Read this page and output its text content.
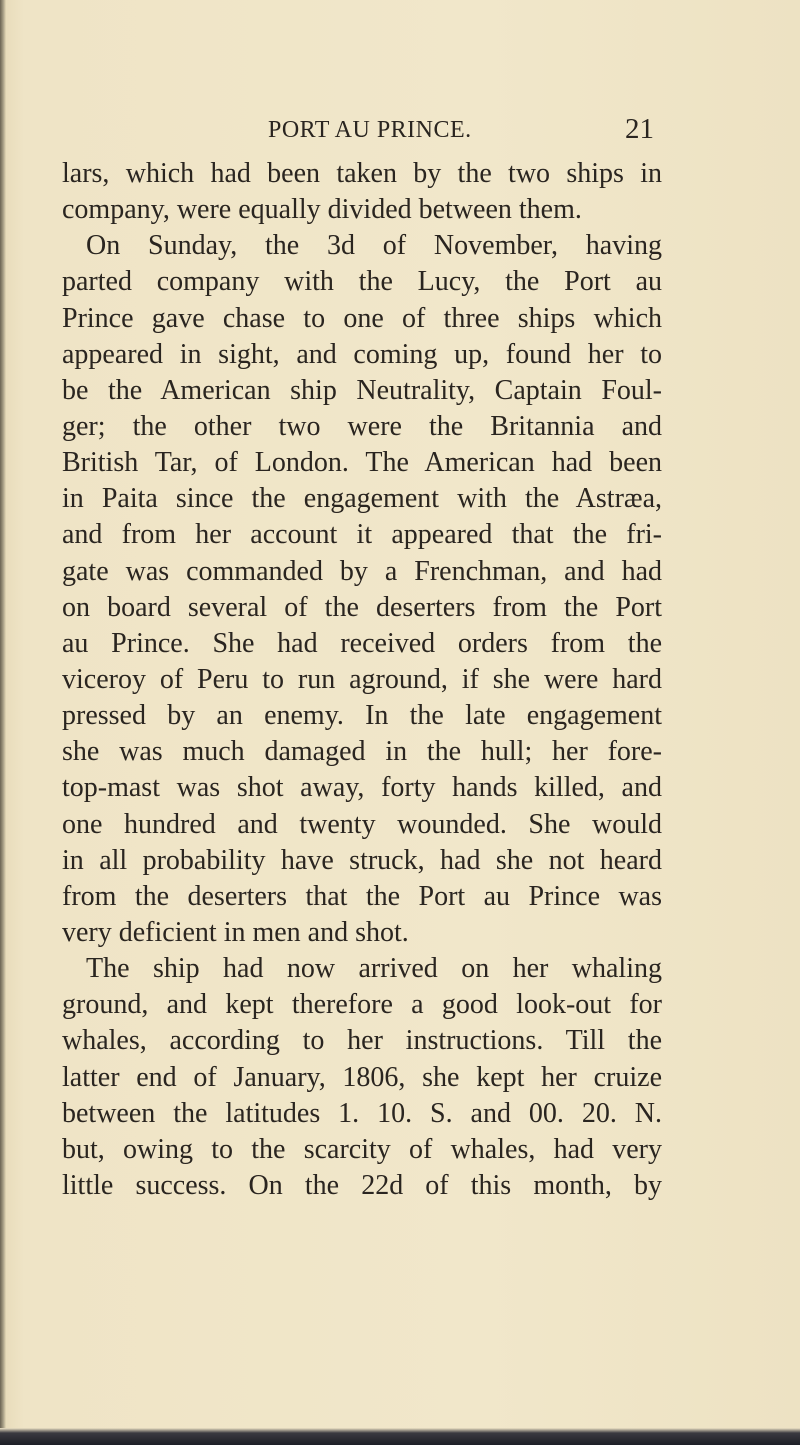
PORT AU PRINCE.	21
lars, which had been taken by the two ships in
company, were equally divided between them.
On Sunday, the 3d of November, having
parted company with the Lucy, the Port au
Prince gave chase to one of three ships which
appeared in sight, and coming up, found her to
be the American ship Neutrality, Captain Foul-
ger; the other two were the Britannia and
British Tar, of London. The American had been
in Paita since the engagement with the Astræa,
and from her account it appeared that the fri-
gate was commanded by a Frenchman, and had
on board several of the deserters from the Port
au Prince. She had received orders from the
viceroy of Peru to run aground, if she were hard
pressed by an enemy. In the late engagement
she was much damaged in the hull; her fore-
top-mast was shot away, forty hands killed, and
one hundred and twenty wounded. She would
in all probability have struck, had she not heard
from the deserters that the Port au Prince was
very deficient in men and shot.
The ship had now arrived on her whaling
ground, and kept therefore a good look-out for
whales, according to her instructions. Till the
latter end of January, 1806, she kept her cruize
between the latitudes 1. 10. S. and 00. 20. N.
but, owing to the scarcity of whales, had very
little success. On the 22d of this month, by
